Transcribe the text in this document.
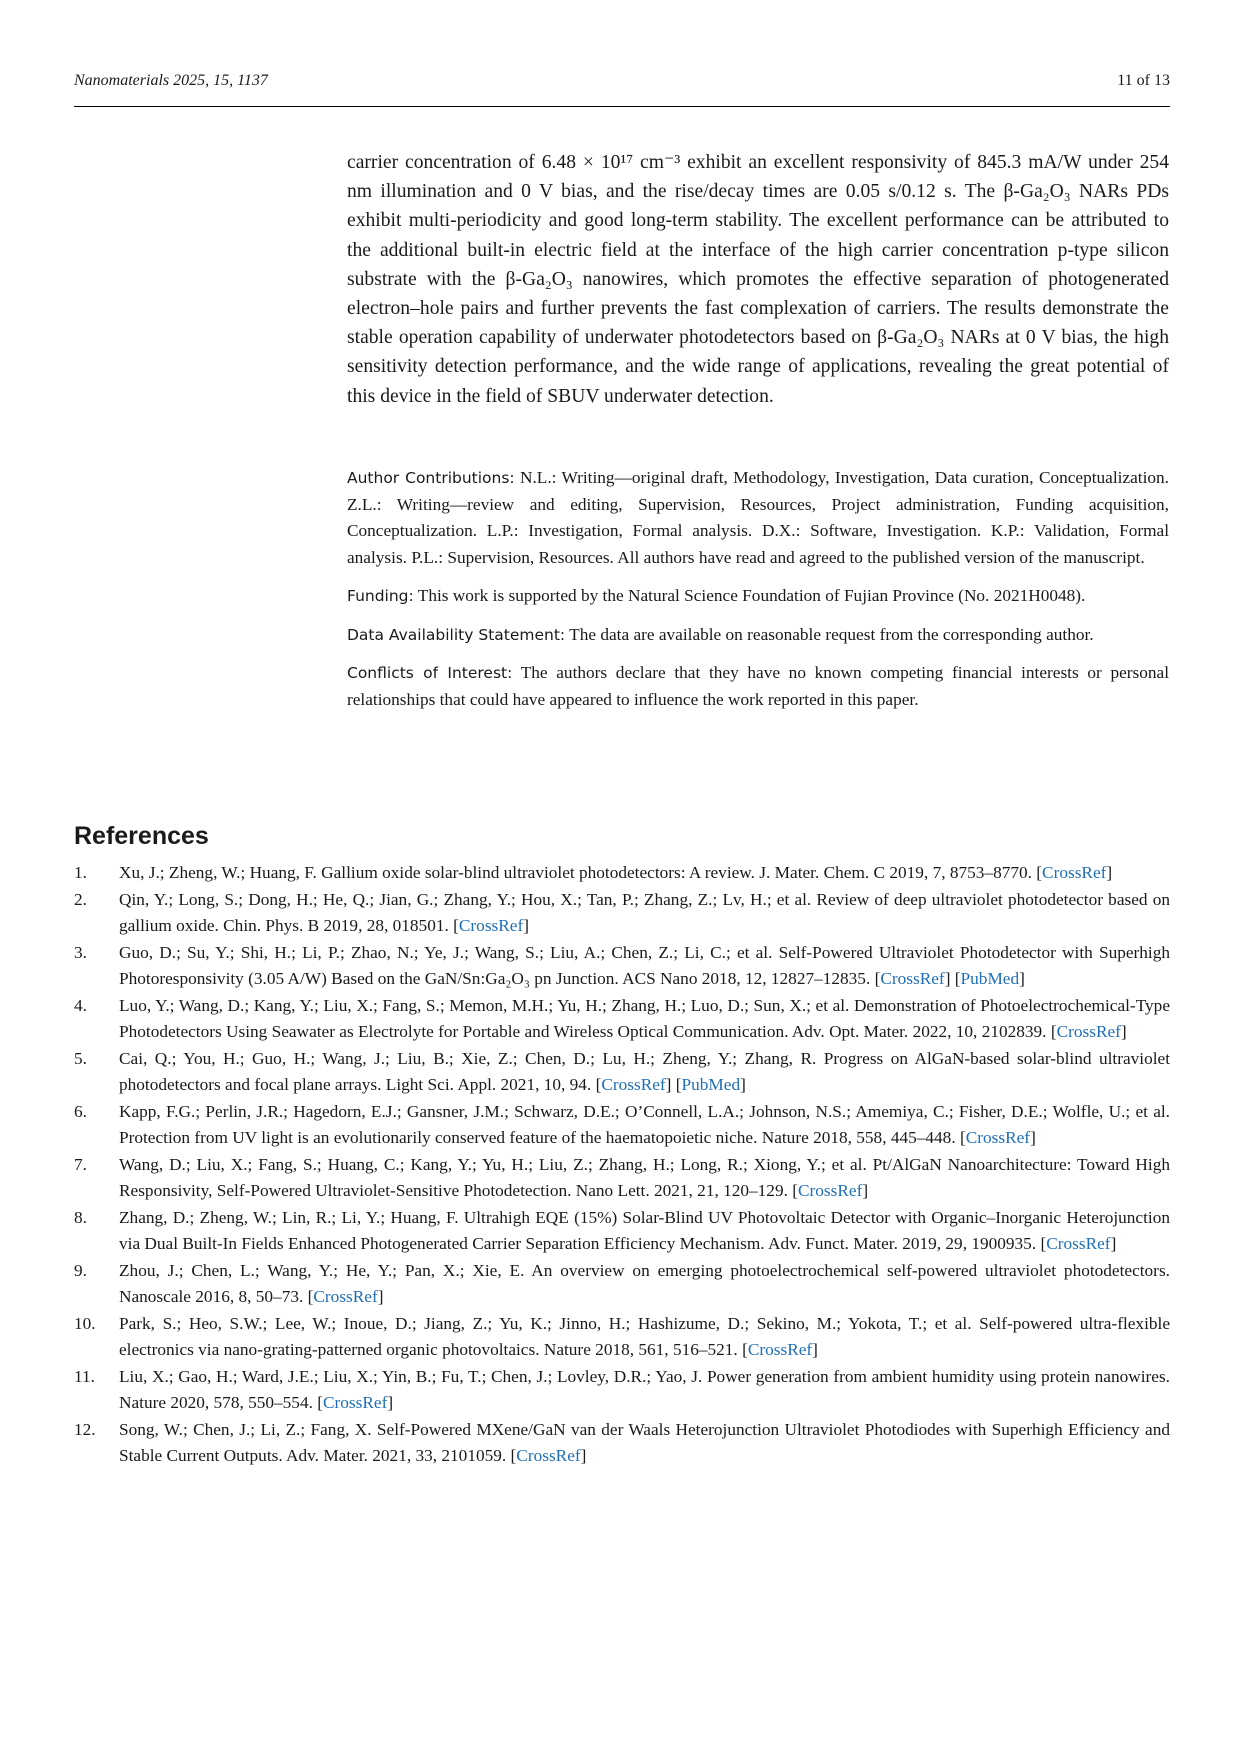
Nanomaterials 2025, 15, 1137	11 of 13
carrier concentration of 6.48 × 10¹⁷ cm⁻³ exhibit an excellent responsivity of 845.3 mA/W under 254 nm illumination and 0 V bias, and the rise/decay times are 0.05 s/0.12 s. The β-Ga₂O₃ NARs PDs exhibit multi-periodicity and good long-term stability. The excellent performance can be attributed to the additional built-in electric field at the interface of the high carrier concentration p-type silicon substrate with the β-Ga₂O₃ nanowires, which promotes the effective separation of photogenerated electron–hole pairs and further prevents the fast complexation of carriers. The results demonstrate the stable operation capability of underwater photodetectors based on β-Ga₂O₃ NARs at 0 V bias, the high sensitivity detection performance, and the wide range of applications, revealing the great potential of this device in the field of SBUV underwater detection.

Author Contributions: N.L.: Writing—original draft, Methodology, Investigation, Data curation, Conceptualization. Z.L.: Writing—review and editing, Supervision, Resources, Project administration, Funding acquisition, Conceptualization. L.P.: Investigation, Formal analysis. D.X.: Software, Investigation. K.P.: Validation, Formal analysis. P.L.: Supervision, Resources. All authors have read and agreed to the published version of the manuscript.

Funding: This work is supported by the Natural Science Foundation of Fujian Province (No. 2021H0048).

Data Availability Statement: The data are available on reasonable request from the corresponding author.

Conflicts of Interest: The authors declare that they have no known competing financial interests or personal relationships that could have appeared to influence the work reported in this paper.

References
1. Xu, J.; Zheng, W.; Huang, F. Gallium oxide solar-blind ultraviolet photodetectors: A review. J. Mater. Chem. C 2019, 7, 8753–8770. [CrossRef]
2. Qin, Y.; Long, S.; Dong, H.; He, Q.; Jian, G.; Zhang, Y.; Hou, X.; Tan, P.; Zhang, Z.; Lv, H.; et al. Review of deep ultraviolet photodetector based on gallium oxide. Chin. Phys. B 2019, 28, 018501. [CrossRef]
3. Guo, D.; Su, Y.; Shi, H.; Li, P.; Zhao, N.; Ye, J.; Wang, S.; Liu, A.; Chen, Z.; Li, C.; et al. Self-Powered Ultraviolet Photodetector with Superhigh Photoresponsivity (3.05 A/W) Based on the GaN/Sn:Ga₂O₃ pn Junction. ACS Nano 2018, 12, 12827–12835. [CrossRef] [PubMed]
4. Luo, Y.; Wang, D.; Kang, Y.; Liu, X.; Fang, S.; Memon, M.H.; Yu, H.; Zhang, H.; Luo, D.; Sun, X.; et al. Demonstration of Photoelectrochemical-Type Photodetectors Using Seawater as Electrolyte for Portable and Wireless Optical Communication. Adv. Opt. Mater. 2022, 10, 2102839. [CrossRef]
5. Cai, Q.; You, H.; Guo, H.; Wang, J.; Liu, B.; Xie, Z.; Chen, D.; Lu, H.; Zheng, Y.; Zhang, R. Progress on AlGaN-based solar-blind ultraviolet photodetectors and focal plane arrays. Light Sci. Appl. 2021, 10, 94. [CrossRef] [PubMed]
6. Kapp, F.G.; Perlin, J.R.; Hagedorn, E.J.; Gansner, J.M.; Schwarz, D.E.; O’Connell, L.A.; Johnson, N.S.; Amemiya, C.; Fisher, D.E.; Wolfle, U.; et al. Protection from UV light is an evolutionarily conserved feature of the haematopoietic niche. Nature 2018, 558, 445–448. [CrossRef]
7. Wang, D.; Liu, X.; Fang, S.; Huang, C.; Kang, Y.; Yu, H.; Liu, Z.; Zhang, H.; Long, R.; Xiong, Y.; et al. Pt/AlGaN Nanoarchitecture: Toward High Responsivity, Self-Powered Ultraviolet-Sensitive Photodetection. Nano Lett. 2021, 21, 120–129. [CrossRef]
8. Zhang, D.; Zheng, W.; Lin, R.; Li, Y.; Huang, F. Ultrahigh EQE (15%) Solar-Blind UV Photovoltaic Detector with Organic–Inorganic Heterojunction via Dual Built-In Fields Enhanced Photogenerated Carrier Separation Efficiency Mechanism. Adv. Funct. Mater. 2019, 29, 1900935. [CrossRef]
9. Zhou, J.; Chen, L.; Wang, Y.; He, Y.; Pan, X.; Xie, E. An overview on emerging photoelectrochemical self-powered ultraviolet photodetectors. Nanoscale 2016, 8, 50–73. [CrossRef]
10. Park, S.; Heo, S.W.; Lee, W.; Inoue, D.; Jiang, Z.; Yu, K.; Jinno, H.; Hashizume, D.; Sekino, M.; Yokota, T.; et al. Self-powered ultra-flexible electronics via nano-grating-patterned organic photovoltaics. Nature 2018, 561, 516–521. [CrossRef]
11. Liu, X.; Gao, H.; Ward, J.E.; Liu, X.; Yin, B.; Fu, T.; Chen, J.; Lovley, D.R.; Yao, J. Power generation from ambient humidity using protein nanowires. Nature 2020, 578, 550–554. [CrossRef]
12. Song, W.; Chen, J.; Li, Z.; Fang, X. Self-Powered MXene/GaN van der Waals Heterojunction Ultraviolet Photodiodes with Superhigh Efficiency and Stable Current Outputs. Adv. Mater. 2021, 33, 2101059. [CrossRef]
